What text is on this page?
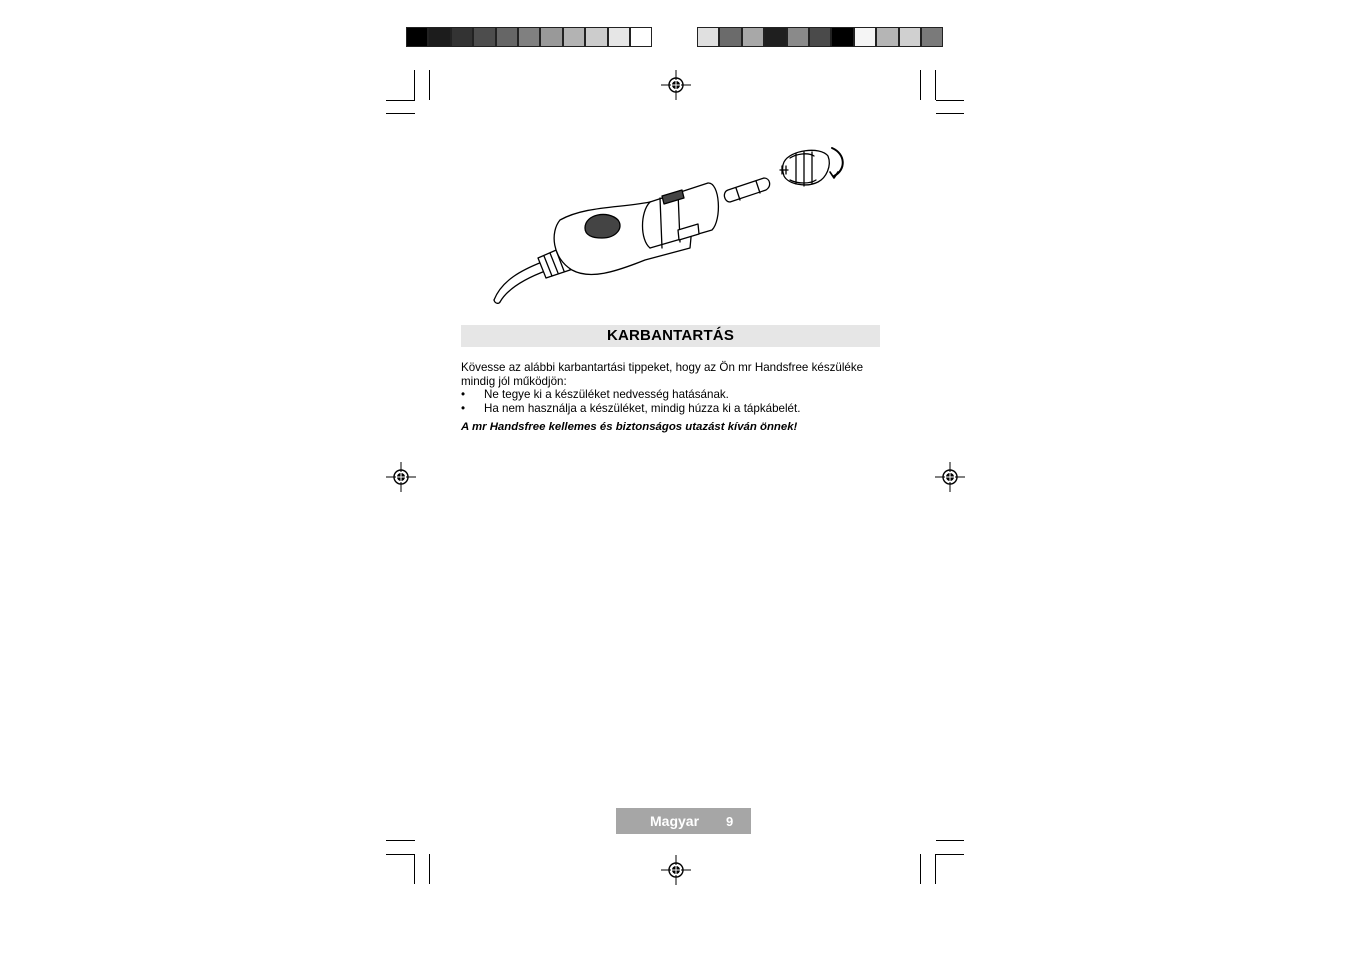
KARBANTARTÁS

Kövesse az alábbi karbantartási tippeket, hogy az Ön mr Handsfree készüléke

mindig jól működjön:

• Ne tegye ki a készüléket nedvesség hatásának.
• Ha nem használja a készüléket, mindig húzza ki a tápkábelét.
A mr Handsfree kellemes és biztonságos utazást kíván önnek!
Magyar 9
